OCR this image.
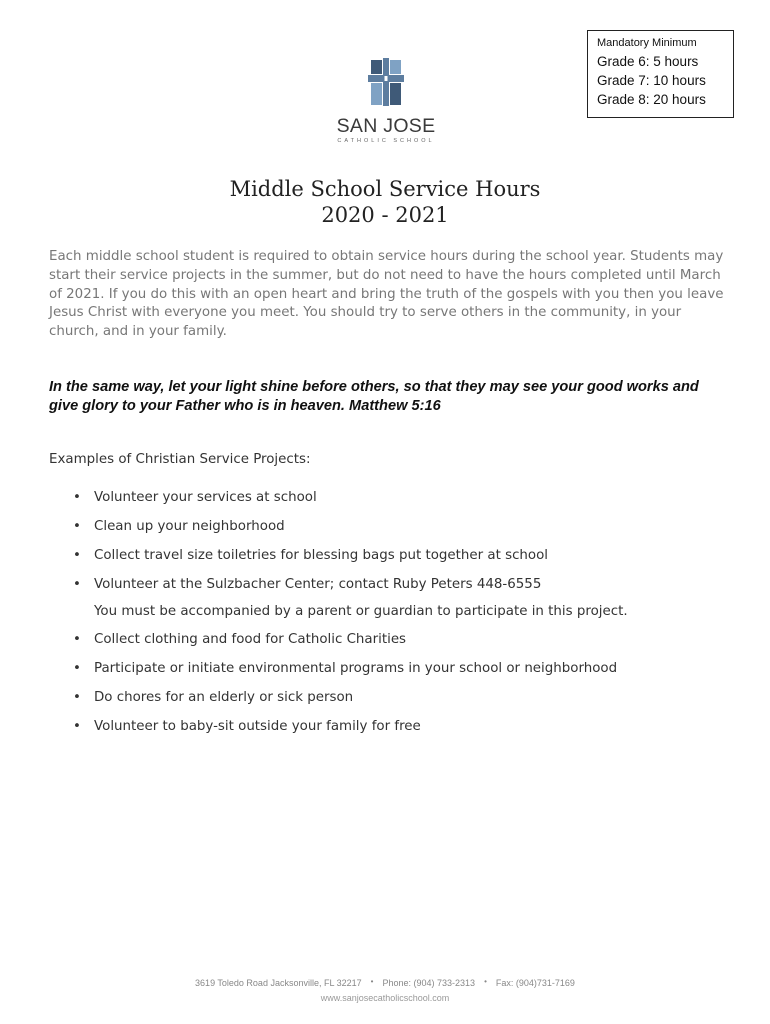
Mandatory Minimum
Grade 6: 5 hours
Grade 7: 10 hours
Grade 8: 20 hours
SAN JOSE
CATHOLIC SCHOOL
Middle School Service Hours
2020 - 2021
Each middle school student is required to obtain service hours during the school year. Students may start their service projects in the summer, but do not need to have the hours completed until March of 2021. If you do this with an open heart and bring the truth of the gospels with you then you leave Jesus Christ with everyone you meet. You should try to serve others in the community, in your church, and in your family.
In the same way, let your light shine before others, so that they may see your good works and give glory to your Father who is in heaven. Matthew 5:16
Examples of Christian Service Projects:
• Volunteer your services at school
• Clean up your neighborhood
• Collect travel size toiletries for blessing bags put together at school
• Volunteer at the Sulzbacher Center; contact Ruby Peters 448-6555
You must be accompanied by a parent or guardian to participate in this project.
• Collect clothing and food for Catholic Charities
• Participate or initiate environmental programs in your school or neighborhood
• Do chores for an elderly or sick person
• Volunteer to baby-sit outside your family for free
3619 Toledo Road Jacksonville, FL 32217 • Phone: (904) 733-2313 • Fax: (904)731-7169
www.sanjosecatholicschool.com
